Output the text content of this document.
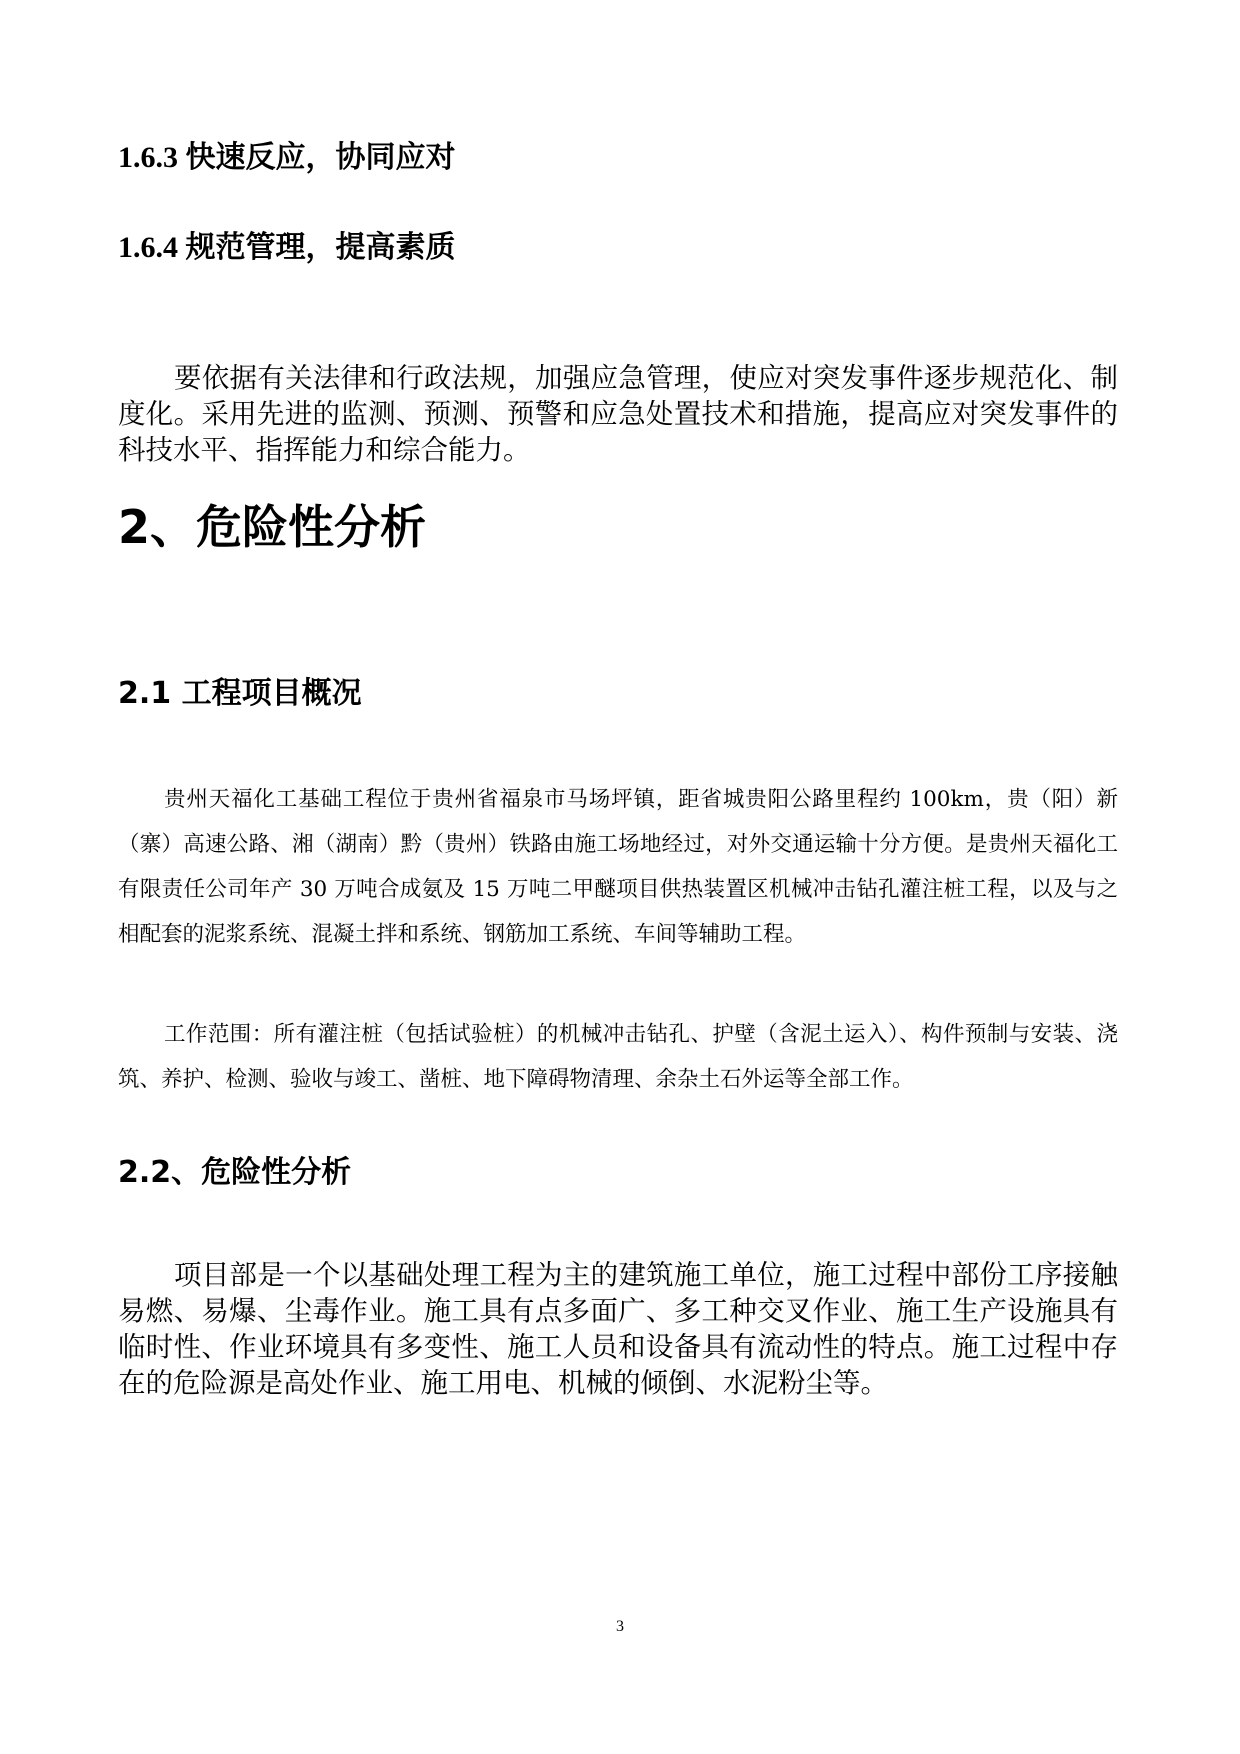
1.6.3 快速反应，协同应对
1.6.4 规范管理，提高素质

要依据有关法律和行政法规，加强应急管理，使应对突发事件逐步规范化、制度化。采用先进的监测、预测、预警和应急处置技术和措施，提高应对突发事件的科技水平、指挥能力和综合能力。

2、危险性分析
2.1 工程项目概况

贵州天福化工基础工程位于贵州省福泉市马场坪镇，距省城贵阳公路里程约 100km，贵（阳）新（寨）高速公路、湘（湖南）黔（贵州）铁路由施工场地经过，对外交通运输十分方便。是贵州天福化工有限责任公司年产 30 万吨合成氨及 15 万吨二甲醚项目供热装置区机械冲击钻孔灌注桩工程，以及与之相配套的泥浆系统、混凝土拌和系统、钢筋加工系统、车间等辅助工程。

工作范围：所有灌注桩（包括试验桩）的机械冲击钻孔、护壁（含泥土运入）、构件预制与安装、浇筑、养护、检测、验收与竣工、凿桩、地下障碍物清理、余杂土石外运等全部工作。

2.2、危险性分析

项目部是一个以基础处理工程为主的建筑施工单位，施工过程中部份工序接触易燃、易爆、尘毒作业。施工具有点多面广、多工种交叉作业、施工生产设施具有临时性、作业环境具有多变性、施工人员和设备具有流动性的特点。施工过程中存在的危险源是高处作业、施工用电、机械的倾倒、水泥粉尘等。

3
